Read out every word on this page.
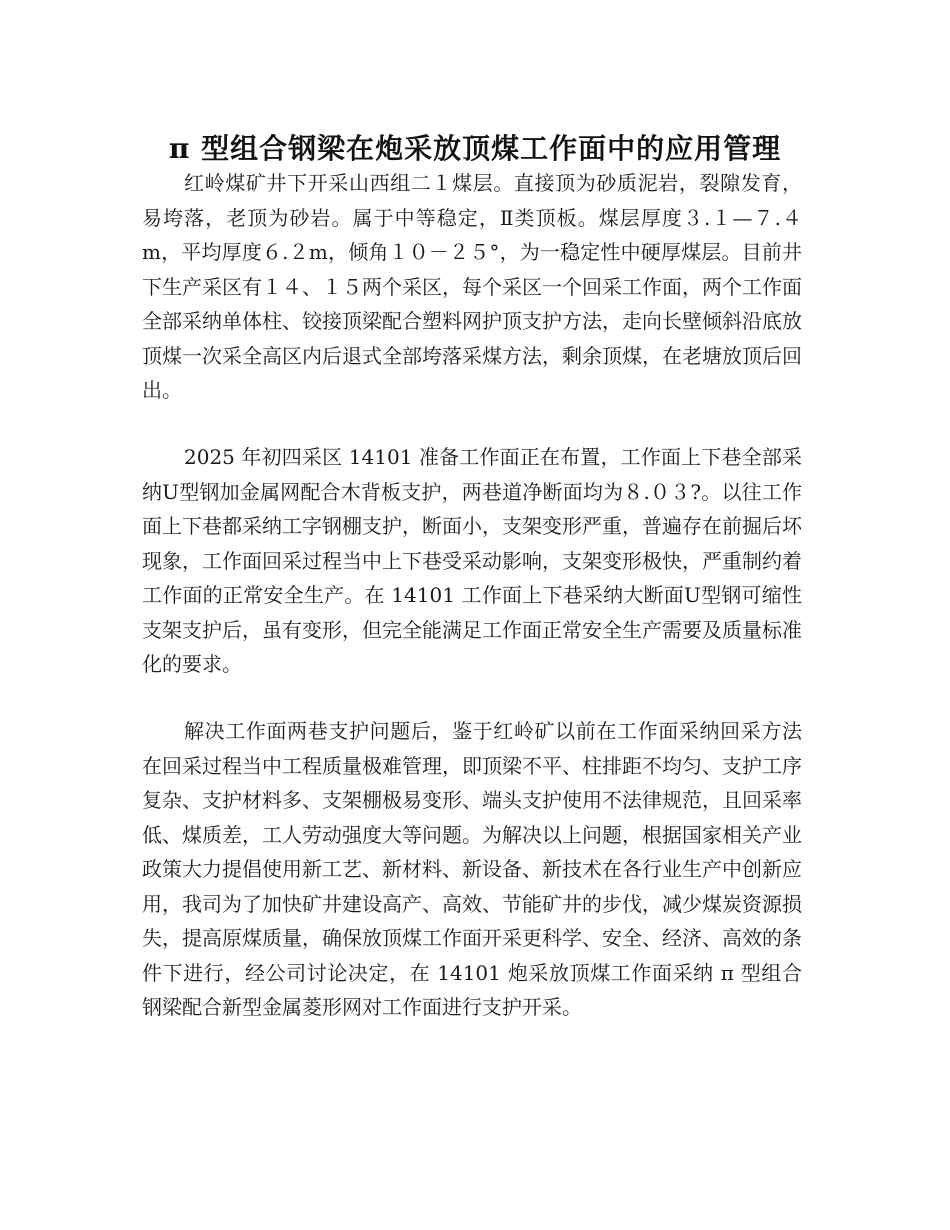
π 型组合钢梁在炮采放顶煤工作面中的应用管理

红岭煤矿井下开采山西组二１煤层。直接顶为砂质泥岩，裂隙发育，易垮落，老顶为砂岩。属于中等稳定，Ⅱ类顶板。煤层厚度３.１—７.４m，平均厚度６.２m，倾角１０－２５°，为一稳定性中硬厚煤层。目前井下生产采区有１４、１５两个采区，每个采区一个回采工作面，两个工作面全部采纳单体柱、铰接顶梁配合塑料网护顶支护方法，走向长壁倾斜沿底放顶煤一次采全高区内后退式全部垮落采煤方法，剩余顶煤，在老塘放顶后回出。

2025 年初四采区 14101 准备工作面正在布置，工作面上下巷全部采纳U型钢加金属网配合木背板支护，两巷道净断面均为８.０３?。以往工作面上下巷都采纳工字钢棚支护，断面小，支架变形严重，普遍存在前掘后坏现象，工作面回采过程当中上下巷受采动影响，支架变形极快，严重制约着工作面的正常安全生产。在 14101 工作面上下巷采纳大断面U型钢可缩性支架支护后，虽有变形，但完全能满足工作面正常安全生产需要及质量标准化的要求。

解决工作面两巷支护问题后，鉴于红岭矿以前在工作面采纳回采方法在回采过程当中工程质量极难管理，即顶梁不平、柱排距不均匀、支护工序复杂、支护材料多、支架棚极易变形、端头支护使用不法律规范，且回采率低、煤质差，工人劳动强度大等问题。为解决以上问题，根据国家相关产业政策大力提倡使用新工艺、新材料、新设备、新技术在各行业生产中创新应用，我司为了加快矿井建设高产、高效、节能矿井的步伐，减少煤炭资源损失，提高原煤质量，确保放顶煤工作面开采更科学、安全、经济、高效的条件下进行，经公司讨论决定，在 14101 炮采放顶煤工作面采纳 π 型组合钢梁配合新型金属菱形网对工作面进行支护开采。
